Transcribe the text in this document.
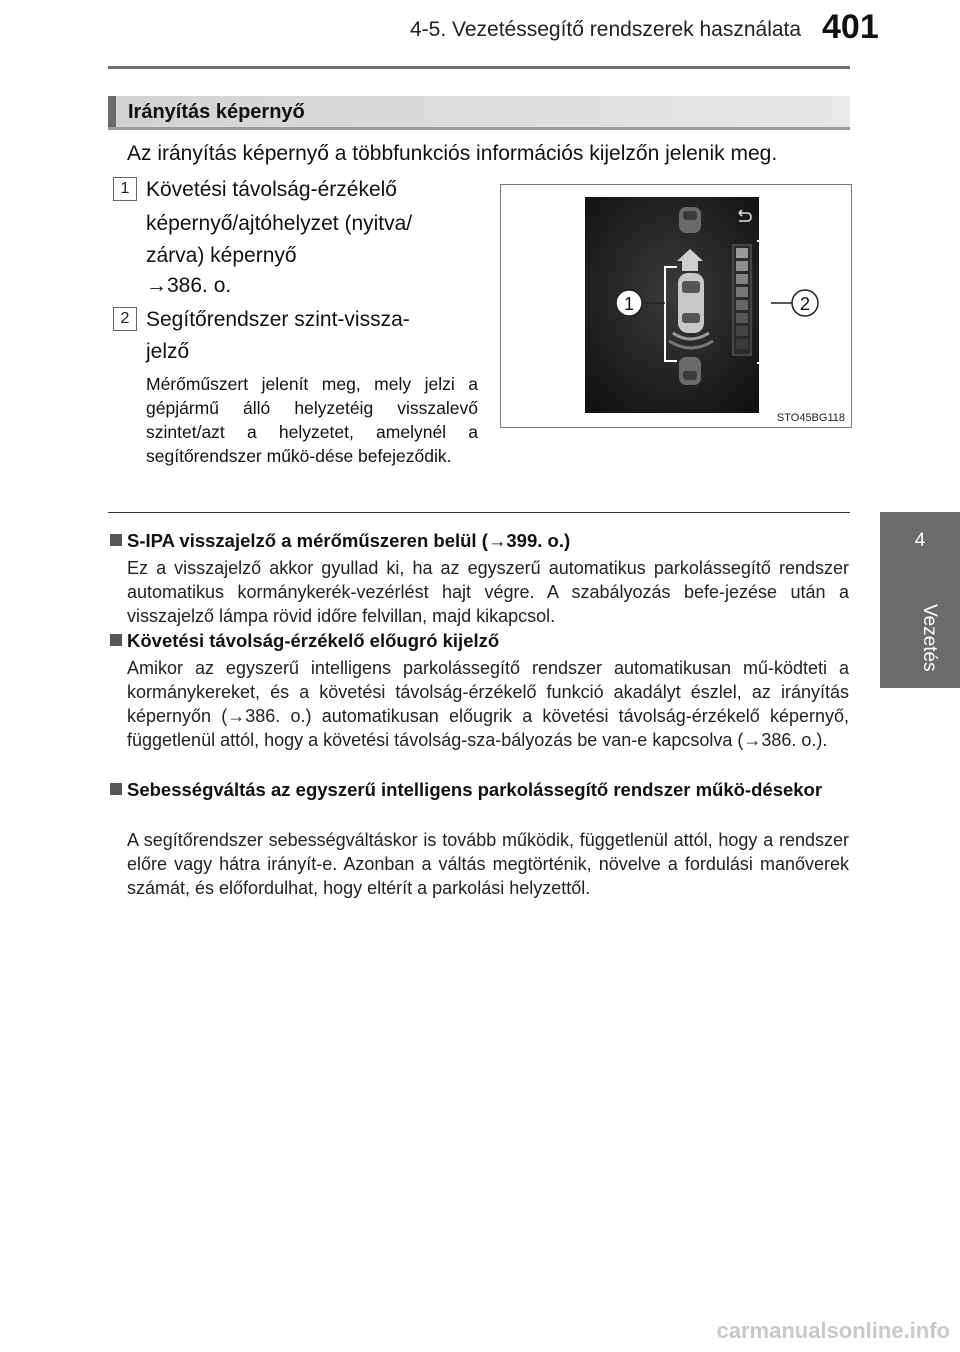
4-5. Vezetéssegítő rendszerek használata 401
4
Vezetés
Irányítás képernyő
Az irányítás képernyő a többfunkciós információs kijelzőn jelenik meg.
1 Követési távolság-érzékelő
képernyő/ajtóhelyzet (nyitva/
zárva) képernyő
→386. o.
2 Segítőrendszer szint-vissza-
jelző
Mérőműszert jelenít meg, mely jelzi a gépjármű álló helyzetéig visszalevő szintet/azt a helyzetet, amelynél a segítőrendszer műkö-dése befejeződik.
1	2
STO45BG118
S-IPA visszajelző a mérőműszeren belül (→399. o.)
Ez a visszajelző akkor gyullad ki, ha az egyszerű automatikus parkolássegítő rendszer automatikus kormánykerék-vezérlést hajt végre. A szabályozás befe-jezése után a visszajelző lámpa rövid időre felvillan, majd kikapcsol.
Követési távolság-érzékelő előugró kijelző
Amikor az egyszerű intelligens parkolássegítő rendszer automatikusan mű-ködteti a kormánykereket, és a követési távolság-érzékelő funkció akadályt észlel, az irányítás képernyőn (→386. o.) automatikusan előugrik a követési távolság-érzékelő képernyő, függetlenül attól, hogy a követési távolság-sza-bályozás be van-e kapcsolva (→386. o.).
Sebességváltás az egyszerű intelligens parkolássegítő rendszer műkö-désekor
A segítőrendszer sebességváltáskor is tovább működik, függetlenül attól, hogy a rendszer előre vagy hátra irányít-e. Azonban a váltás megtörténik, növelve a fordulási manőverek számát, és előfordulhat, hogy eltérít a parkolási helyzettől.
carmanualsonline.info
